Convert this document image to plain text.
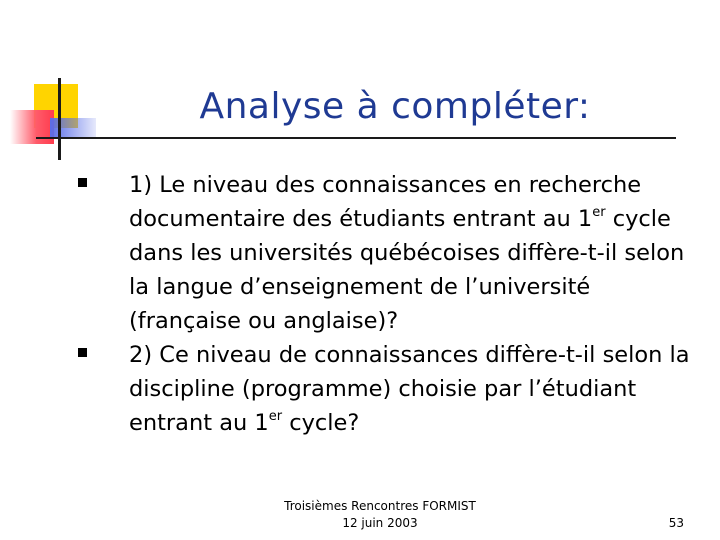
Analyse à compléter:
1) Le niveau des connaissances en recherche documentaire des étudiants entrant au 1er cycle dans les universités québécoises diffère-t-il selon la langue d’enseignement de l’université (française ou anglaise)?
2) Ce niveau de connaissances diffère-t-il selon la discipline (programme) choisie par l’étudiant entrant au 1er cycle?
Troisièmes Rencontres FORMIST
12 juin 2003	53
